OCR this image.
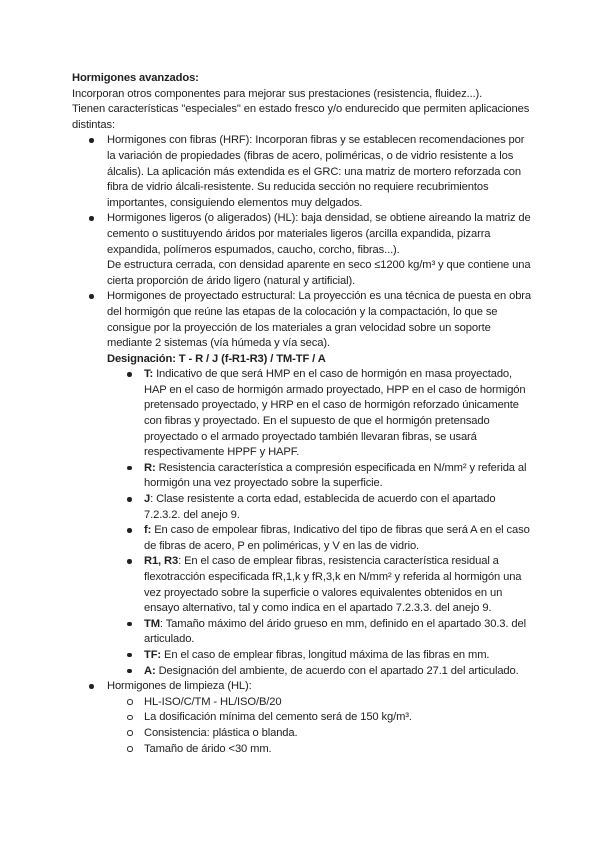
Hormigones avanzados:

Incorporan otros componentes para mejorar sus prestaciones (resistencia, fluidez...).

Tienen características "especiales" en estado fresco y/o endurecido que permiten aplicaciones distintas:

Hormigones con fibras (HRF): Incorporan fibras y se establecen recomendaciones por la variación de propiedades (fibras de acero, poliméricas, o de vidrio resistente a los álcalis). La aplicación más extendida es el GRC: una matriz de mortero reforzada con fibra de vidrio álcali-resistente. Su reducida sección no requiere recubrimientos importantes, consiguiendo elementos muy delgados.
Hormigones ligeros (o aligerados) (HL): baja densidad, se obtiene aireando la matriz de cemento o sustituyendo áridos por materiales ligeros (arcilla expandida, pizarra expandida, polímeros espumados, caucho, corcho, fibras...).
De estructura cerrada, con densidad aparente en seco ≤1200 kg/m³ y que contiene una cierta proporción de árido ligero (natural y artificial).
Hormigones de proyectado estructural: La proyección es una técnica de puesta en obra del hormigón que reúne las etapas de la colocación y la compactación, lo que se consigue por la proyección de los materiales a gran velocidad sobre un soporte mediante 2 sistemas (vía húmeda y vía seca).
Designación: T - R / J (f-R1-R3) / TM-TF / A
T: Indicativo de que será HMP en el caso de hormigón en masa proyectado, HAP en el caso de hormigón armado proyectado, HPP en el caso de hormigón pretensado proyectado, y HRP en el caso de hormigón reforzado únicamente con fibras y proyectado. En el supuesto de que el hormigón pretensado proyectado o el armado proyectado también llevaran fibras, se usará respectivamente HPPF y HAPF.
R: Resistencia característica a compresión especificada en N/mm² y referida al hormigón una vez proyectado sobre la superficie.
J: Clase resistente a corta edad, establecida de acuerdo con el apartado 7.2.3.2. del anejo 9.
f: En caso de empolear fibras, Indicativo del tipo de fibras que será A en el caso de fibras de acero, P en poliméricas, y V en las de vidrio.
R1, R3: En el caso de emplear fibras, resistencia característica residual a flexotracción especificada fR,1,k y fR,3,k en N/mm² y referida al hormigón una vez proyectado sobre la superficie o valores equivalentes obtenidos en un ensayo alternativo, tal y como indica en el apartado 7.2.3.3. del anejo 9.
TM: Tamaño máximo del árido grueso en mm, definido en el apartado 30.3. del articulado.
TF: En el caso de emplear fibras, longitud máxima de las fibras en mm.
A: Designación del ambiente, de acuerdo con el apartado 27.1 del articulado.
Hormigones de limpieza (HL):
HL-ISO/C/TM - HL/ISO/B/20
La dosificación mínima del cemento será de 150 kg/m³.
Consistencia: plástica o blanda.
Tamaño de árido <30 mm.
